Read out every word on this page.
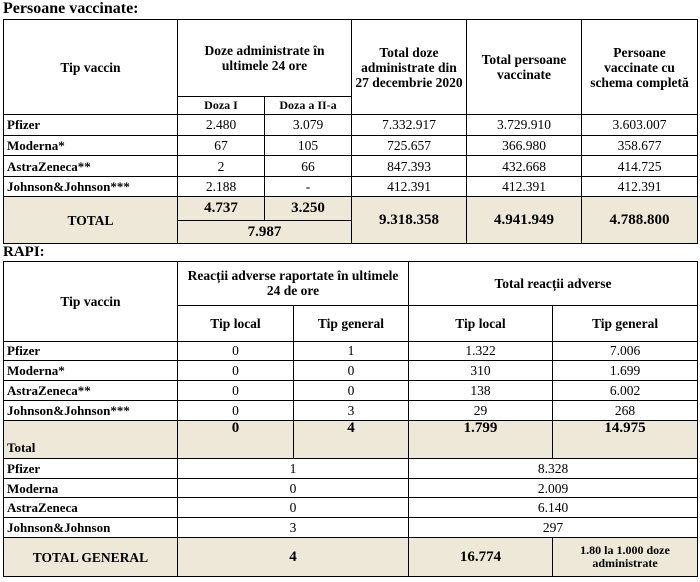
Persoane vaccinate:
Tip vaccin	Doze administrate în ultimele 24 ore		Total doze administrate din 27 decembrie 2020	Total persoane vaccinate	Persoane vaccinate cu schema completă
	Doza I	Doza a II-a			
Pfizer	2.480	3.079	7.332.917	3.729.910	3.603.007
Moderna*	67	105	725.657	366.980	358.677
AstraZeneca**	2	66	847.393	432.668	414.725
Johnson&Johnson***	2.188	-	412.391	412.391	412.391
TOTAL	4.737	3.250	9.318.358	4.941.949	4.788.800
	7.987				
RAPI:
Tip vaccin	Reacții adverse raportate în ultimele 24 de ore		Total reacții adverse	
	Tip local	Tip general	Tip local	Tip general
Pfizer	0	1	1.322	7.006
Moderna*	0	0	310	1.699
AstraZeneca**	0	0	138	6.002
Johnson&Johnson***	0	3	29	268
Total	0	4	1.799	14.975
Pfizer	1		8.328	
Moderna	0		2.009	
AstraZeneca	0		6.140	
Johnson&Johnson	3		297	
TOTAL GENERAL	4		16.774	1.80 la 1.000 doze administrate
